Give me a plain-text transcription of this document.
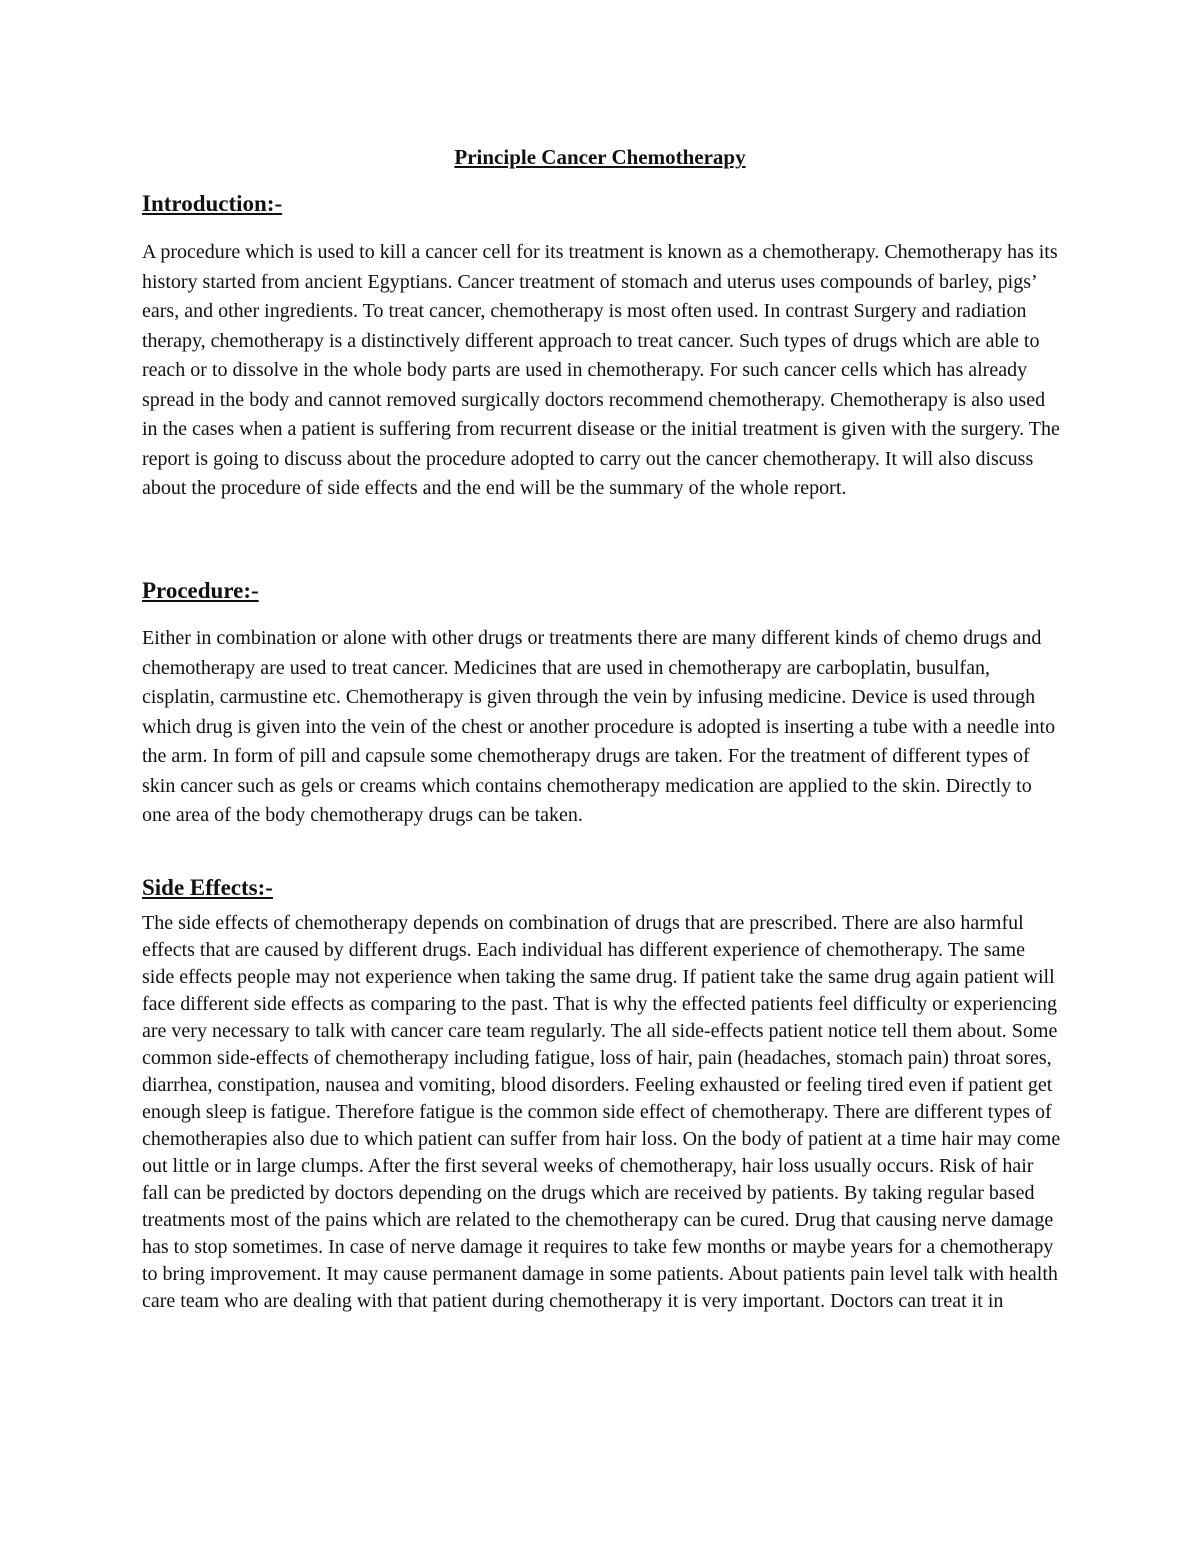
Principle Cancer Chemotherapy
Introduction:-

A procedure which is used to kill a cancer cell for its treatment is known as a chemotherapy. Chemotherapy has its history started from ancient Egyptians. Cancer treatment of stomach and uterus uses compounds of barley, pigs’ ears, and other ingredients. To treat cancer, chemotherapy is most often used. In contrast Surgery and radiation therapy, chemotherapy is a distinctively different approach to treat cancer. Such types of drugs which are able to reach or to dissolve in the whole body parts are used in chemotherapy. For such cancer cells which has already spread in the body and cannot removed surgically doctors recommend chemotherapy. Chemotherapy is also used in the cases when a patient is suffering from recurrent disease or the initial treatment is given with the surgery. The report is going to discuss about the procedure adopted to carry out the cancer chemotherapy. It will also discuss about the procedure of side effects and the end will be the summary of the whole report.

Procedure:-

Either in combination or alone with other drugs or treatments there are many different kinds of chemo drugs and chemotherapy are used to treat cancer. Medicines that are used in chemotherapy are carboplatin, busulfan, cisplatin, carmustine etc. Chemotherapy is given through the vein by infusing medicine. Device is used through which drug is given into the vein of the chest or another procedure is adopted is inserting a tube with a needle into the arm. In form of pill and capsule some chemotherapy drugs are taken. For the treatment of different types of skin cancer such as gels or creams which contains chemotherapy medication are applied to the skin. Directly to one area of the body chemotherapy drugs can be taken.

Side Effects:-

The side effects of chemotherapy depends on combination of drugs that are prescribed. There are also harmful effects that are caused by different drugs. Each individual has different experience of chemotherapy. The same side effects people may not experience when taking the same drug. If patient take the same drug again patient will face different side effects as comparing to the past. That is why the effected patients feel difficulty or experiencing are very necessary to talk with cancer care team regularly. The all side-effects patient notice tell them about. Some common side-effects of chemotherapy including fatigue, loss of hair, pain (headaches, stomach pain) throat sores, diarrhea, constipation, nausea and vomiting, blood disorders. Feeling exhausted or feeling tired even if patient get enough sleep is fatigue. Therefore fatigue is the common side effect of chemotherapy. There are different types of chemotherapies also due to which patient can suffer from hair loss. On the body of patient at a time hair may come out little or in large clumps. After the first several weeks of chemotherapy, hair loss usually occurs. Risk of hair fall can be predicted by doctors depending on the drugs which are received by patients. By taking regular based treatments most of the pains which are related to the chemotherapy can be cured. Drug that causing nerve damage has to stop sometimes. In case of nerve damage it requires to take few months or maybe years for a chemotherapy to bring improvement. It may cause permanent damage in some patients. About patients pain level talk with health care team who are dealing with that patient during chemotherapy it is very important. Doctors can treat it in
